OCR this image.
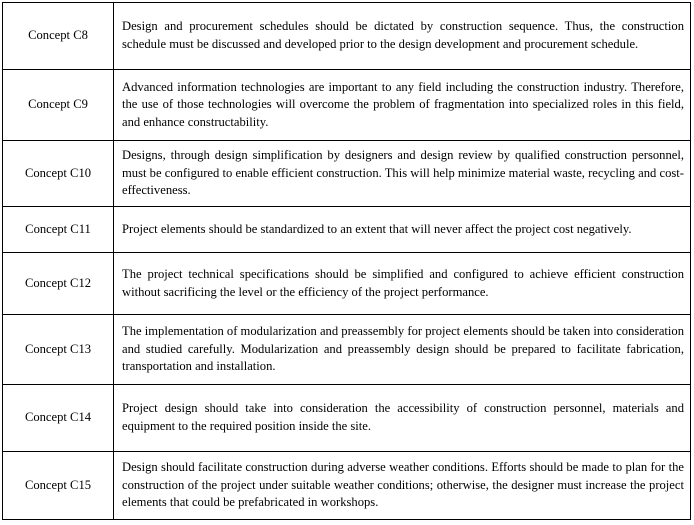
Concept C8	Design and procurement schedules should be dictated by construction sequence. Thus, the construction schedule must be discussed and developed prior to the design development and procurement schedule.
Concept C9	Advanced information technologies are important to any field including the construction industry. Therefore, the use of those technologies will overcome the problem of fragmentation into specialized roles in this field, and enhance constructability.
Concept C10	Designs, through design simplification by designers and design review by qualified construction personnel, must be configured to enable efficient construction. This will help minimize material waste, recycling and cost-effectiveness.
Concept C11	Project elements should be standardized to an extent that will never affect the project cost negatively.
Concept C12	The project technical specifications should be simplified and configured to achieve efficient construction without sacrificing the level or the efficiency of the project performance.
Concept C13	The implementation of modularization and preassembly for project elements should be taken into consideration and studied carefully. Modularization and preassembly design should be prepared to facilitate fabrication, transportation and installation.
Concept C14	Project design should take into consideration the accessibility of construction personnel, materials and equipment to the required position inside the site.
Concept C15	Design should facilitate construction during adverse weather conditions. Efforts should be made to plan for the construction of the project under suitable weather conditions; otherwise, the designer must increase the project elements that could be prefabricated in workshops.
